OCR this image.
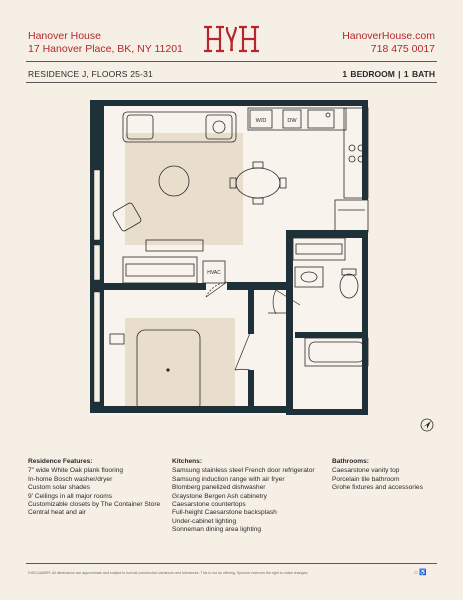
Hanover House
17 Hanover Place, BK, NY 11201
HanoverHouse.com
718 475 0017
RESIDENCE J, FLOORS 25-31	1 BEDROOM | 1 BATH
W/D	DW
HVAC
Residence Features:
7" wide White Oak plank flooring
In-home Bosch washer/dryer
Custom solar shades
9' Ceilings in all major rooms
Customizable closets by The Container Store
Central heat and air
Kitchens:
Samsung stainless steel French door refrigerator
Samsung induction range with air fryer
Blomberg panelized dishwasher
Graystone Bergen Ash cabinetry
Caesarstone countertops
Full-height Caesarstone backsplash
Under-cabinet lighting
Sonneman dining area lighting
Bathrooms:
Caesarstone vanity top
Porcelain tile bathroom
Grohe fixtures and accessories
DISCLAIMER: All dimensions are approximate and subject to normal construction variances and tolerances. This is not an offering. Sponsor reserves the right to make changes.	⌂ ♿
